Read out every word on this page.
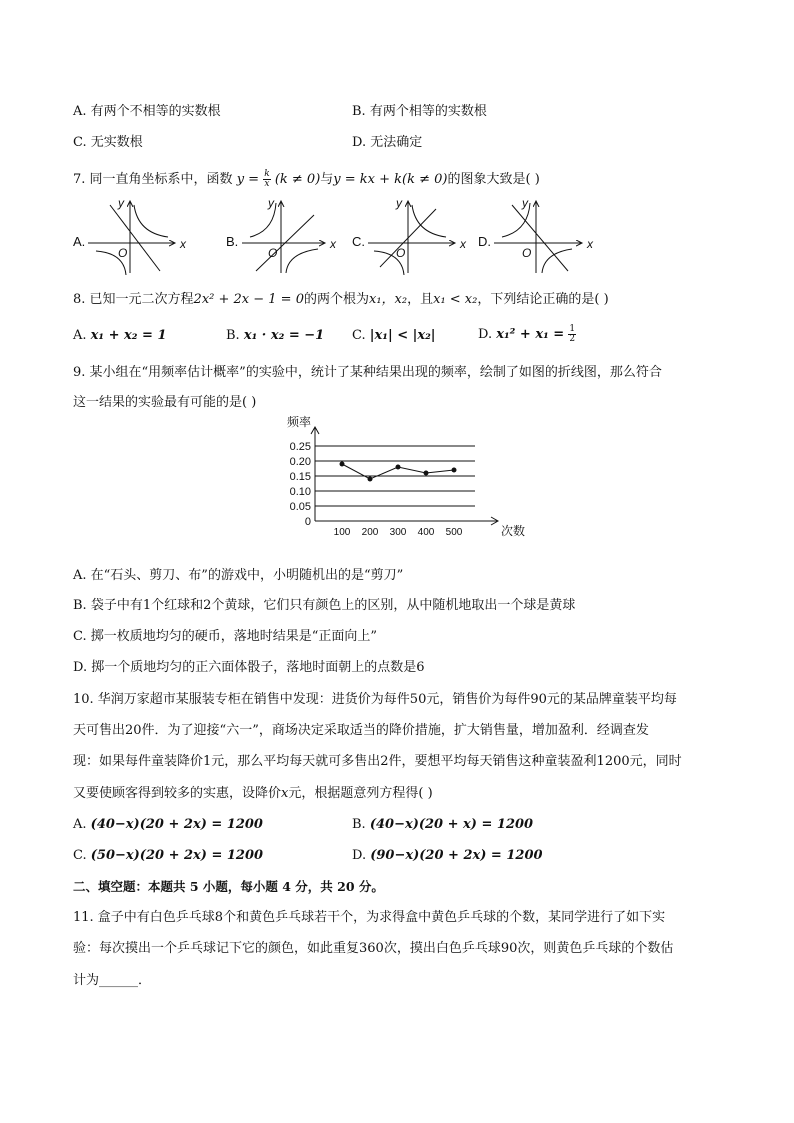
A. 有两个不相等的实数根	B. 有两个相等的实数根
C. 无实数根	D. 无法确定
7. 同一直角坐标系中，函数 $y = \frac{k}{x} (k \ne 0)$与y = kx + k(k ≠ 0)的图象大致是( )
A.	x
y
O
B.	x
y
O
C.	x
y
O
D.	x
y
O
8. 已知一元二次方程2x² + 2x − 1 = 0的两个根为x₁，x₂，且x₁ < x₂，下列结论正确的是( )
A. x₁ + x₂ = 1	B. x₁ · x₂ = −1 C. |x₁| < |x₂|	D. $x_1^2 + x_1 = \frac{1}{2}$
9. 某小组在“用频率估计概率”的实验中，统计了某种结果出现的频率，绘制了如图的折线图，那么符合
这一结果的实验最有可能的是( )
0.25
0.20
0.15
0.10
0.05
0
100 200 300 400 500
频率
次数
A. 在“石头、剪刀、布”的游戏中，小明随机出的是“剪刀”
B. 袋子中有1个红球和2个黄球，它们只有颜色上的区别，从中随机地取出一个球是黄球
C. 掷一枚质地均匀的硬币，落地时结果是“正面向上”
D. 掷一个质地均匀的正六面体骰子，落地时面朝上的点数是6
10. 华润万家超市某服装专柜在销售中发现：进货价为每件50元，销售价为每件90元的某品牌童装平均每
天可售出20件．为了迎接“六一”，商场决定采取适当的降价措施，扩大销售量，增加盈利．经调查发
现：如果每件童装降价1元，那么平均每天就可多售出2件，要想平均每天销售这种童装盈利1200元，同时
又要使顾客得到较多的实惠，设降价x元，根据题意列方程得( )
A. (40−x)(20 + 2x) = 1200	B. (40−x)(20 + x) = 1200
C. (50−x)(20 + 2x) = 1200	D. (90−x)(20 + 2x) = 1200
二、填空题：本题共 5 小题，每小题 4 分，共 20 分。
11. 盒子中有白色乒乓球8个和黄色乒乓球若干个，为求得盒中黄色乒乓球的个数，某同学进行了如下实
验：每次摸出一个乒乓球记下它的颜色，如此重复360次，摸出白色乒乓球90次，则黄色乒乓球的个数估
计为______．
